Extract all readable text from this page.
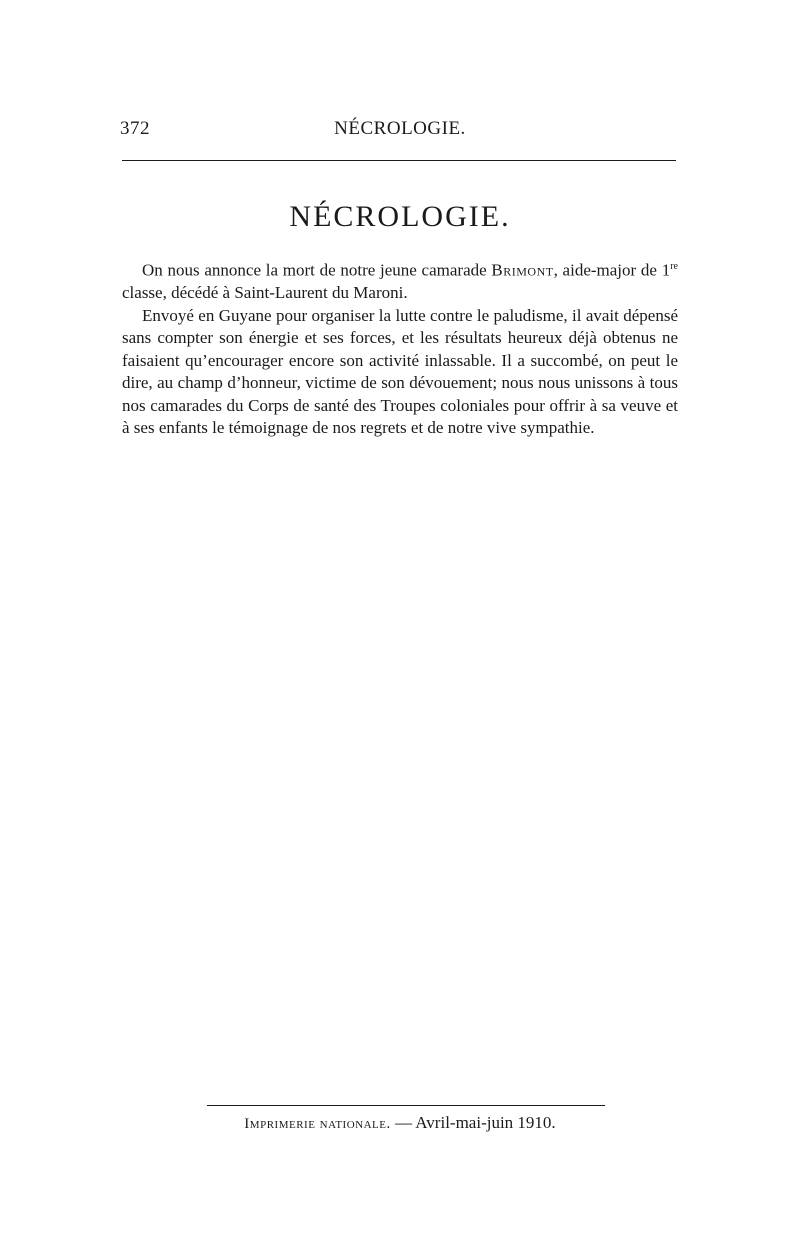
372	NÉCROLOGIE.
NÉCROLOGIE.

On nous annonce la mort de notre jeune camarade Brimont, aide-major de 1re classe, décédé à Saint-Laurent du Maroni.

Envoyé en Guyane pour organiser la lutte contre le paludisme, il avait dépensé sans compter son énergie et ses forces, et les résultats heureux déjà obtenus ne faisaient qu’encourager encore son activité inlassable. Il a succombé, on peut le dire, au champ d’honneur, victime de son dévouement; nous nous unissons à tous nos camarades du Corps de santé des Troupes coloniales pour offrir à sa veuve et à ses enfants le témoignage de nos regrets et de notre vive sympathie.

Imprimerie nationale. — Avril-mai-juin 1910.
